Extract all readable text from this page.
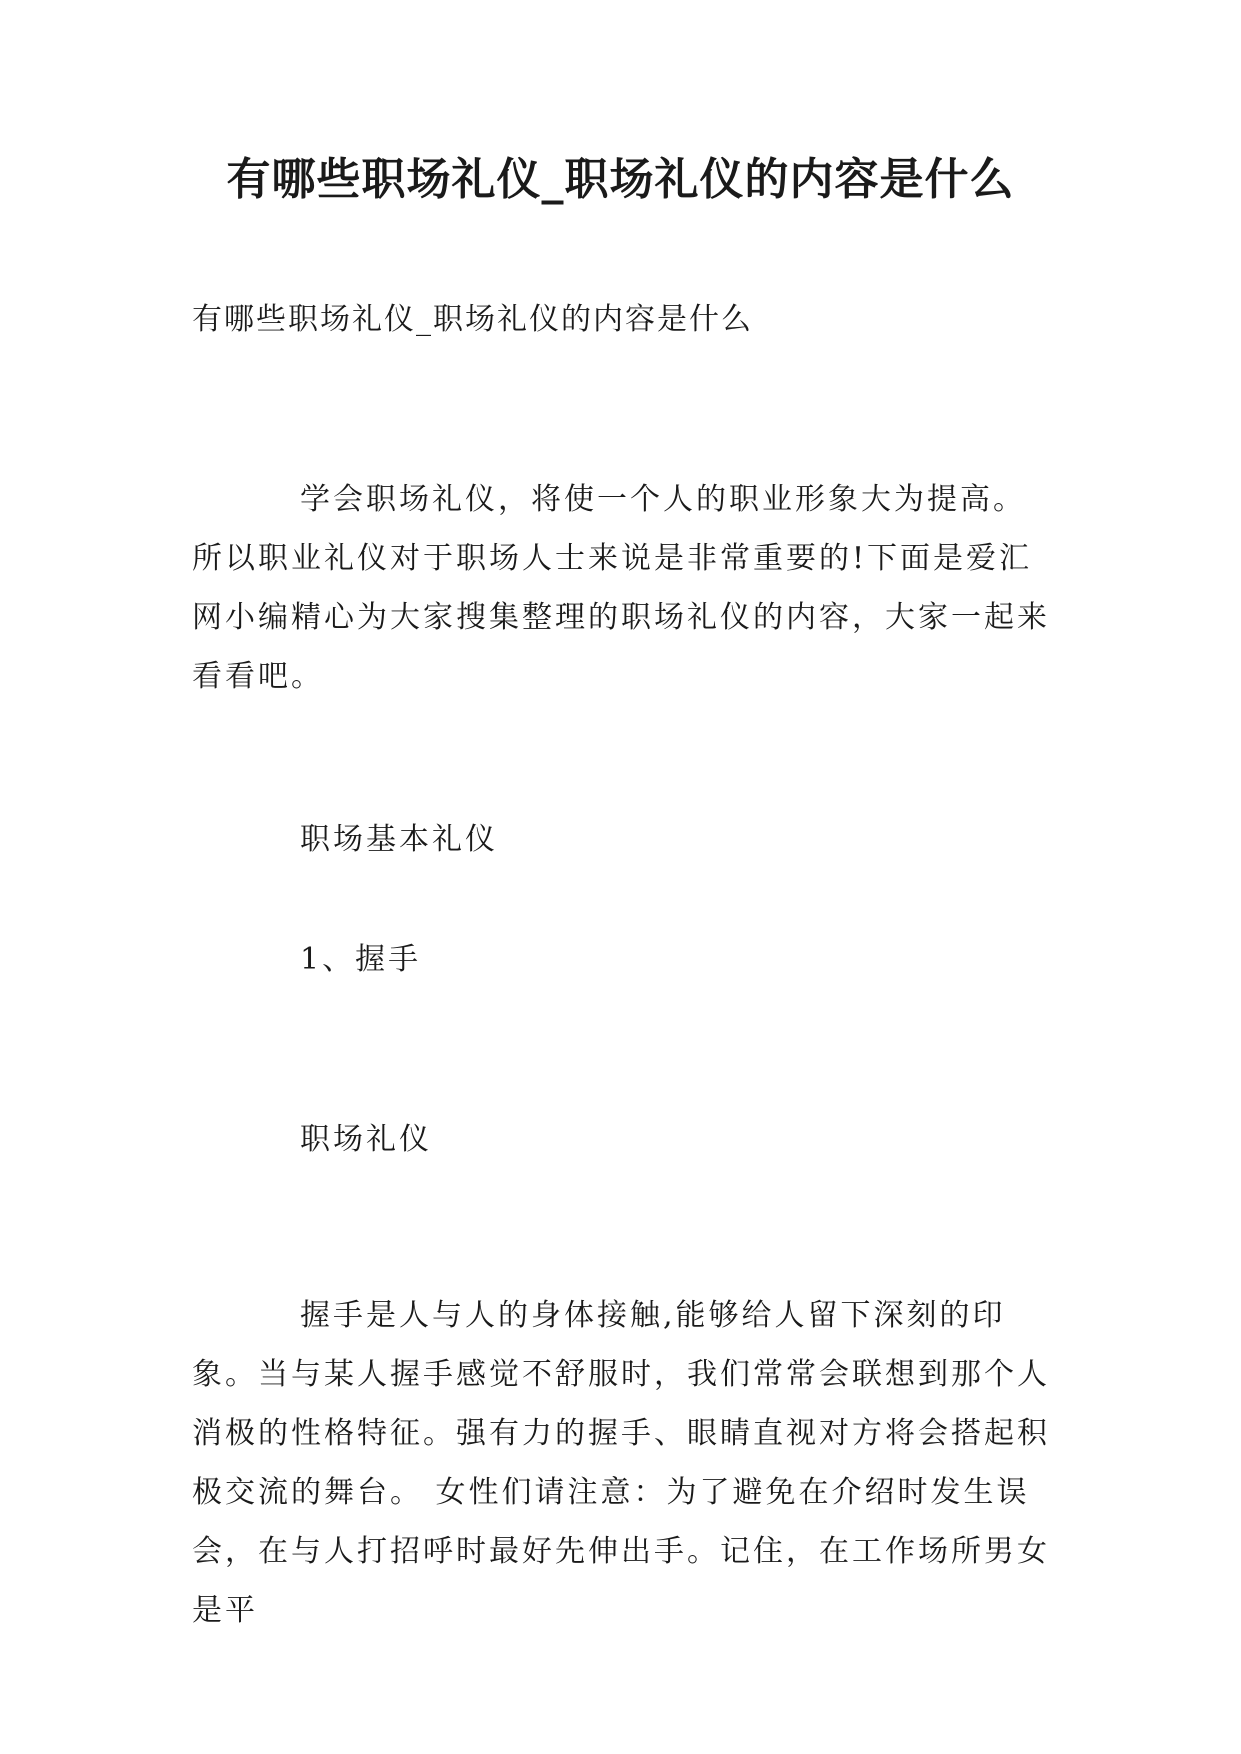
有哪些职场礼仪_职场礼仪的内容是什么

有哪些职场礼仪_职场礼仪的内容是什么

学会职场礼仪，将使一个人的职业形象大为提高。所以职业礼仪对于职场人士来说是非常重要的!下面是爱汇网小编精心为大家搜集整理的职场礼仪的内容，大家一起来看看吧。

职场基本礼仪

1、握手

职场礼仪

握手是人与人的身体接触,能够给人留下深刻的印象。当与某人握手感觉不舒服时，我们常常会联想到那个人消极的性格特征。强有力的握手、眼睛直视对方将会搭起积极交流的舞台。 女性们请注意：为了避免在介绍时发生误会，在与人打招呼时最好先伸出手。记住，在工作场所男女是平
